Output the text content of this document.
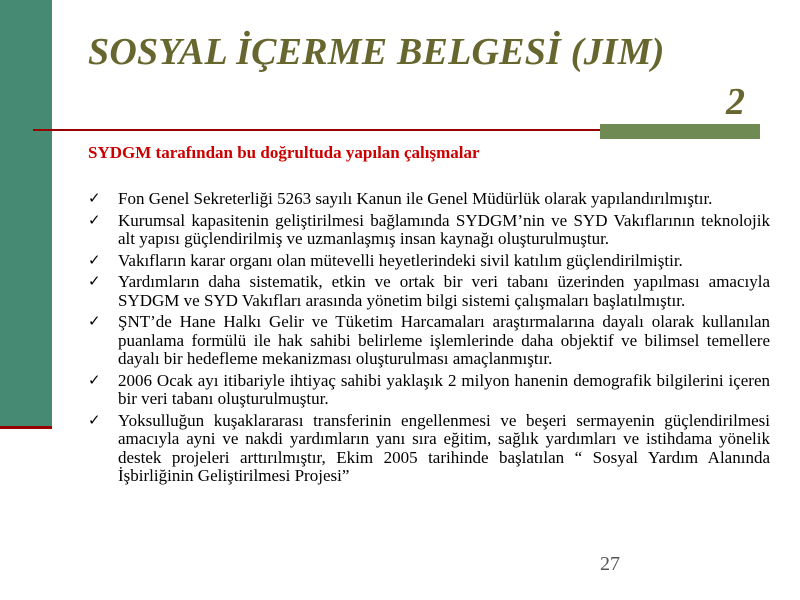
SOSYAL İÇERME BELGESİ (JIM)
2
SYDGM tarafından bu doğrultuda yapılan çalışmalar
✓ Fon Genel Sekreterliği 5263 sayılı Kanun ile Genel Müdürlük olarak yapılandırılmıştır.
✓ Kurumsal kapasitenin geliştirilmesi bağlamında SYDGM’nin ve SYD Vakıflarının teknolojik alt yapısı güçlendirilmiş ve uzmanlaşmış insan kaynağı oluşturulmuştur.
✓ Vakıfların karar organı olan mütevelli heyetlerindeki sivil katılım güçlendirilmiştir.
✓ Yardımların daha sistematik, etkin ve ortak bir veri tabanı üzerinden yapılması amacıyla SYDGM ve SYD Vakıfları arasında yönetim bilgi sistemi çalışmaları başlatılmıştır.
✓ ŞNT’de Hane Halkı Gelir ve Tüketim Harcamaları araştırmalarına dayalı olarak kullanılan puanlama formülü ile hak sahibi belirleme işlemlerinde daha objektif ve bilimsel temellere dayalı bir hedefleme mekanizması oluşturulması amaçlanmıştır.
✓ 2006 Ocak ayı itibariyle ihtiyaç sahibi yaklaşık 2 milyon hanenin demografik bilgilerini içeren bir veri tabanı oluşturulmuştur.
✓ Yoksulluğun kuşaklararası transferinin engellenmesi ve beşeri sermayenin güçlendirilmesi amacıyla ayni ve nakdi yardımların yanı sıra eğitim, sağlık yardımları ve istihdama yönelik destek projeleri arttırılmıştır, Ekim 2005 tarihinde başlatılan “ Sosyal Yardım Alanında İşbirliğinin Geliştirilmesi Projesi”
27
